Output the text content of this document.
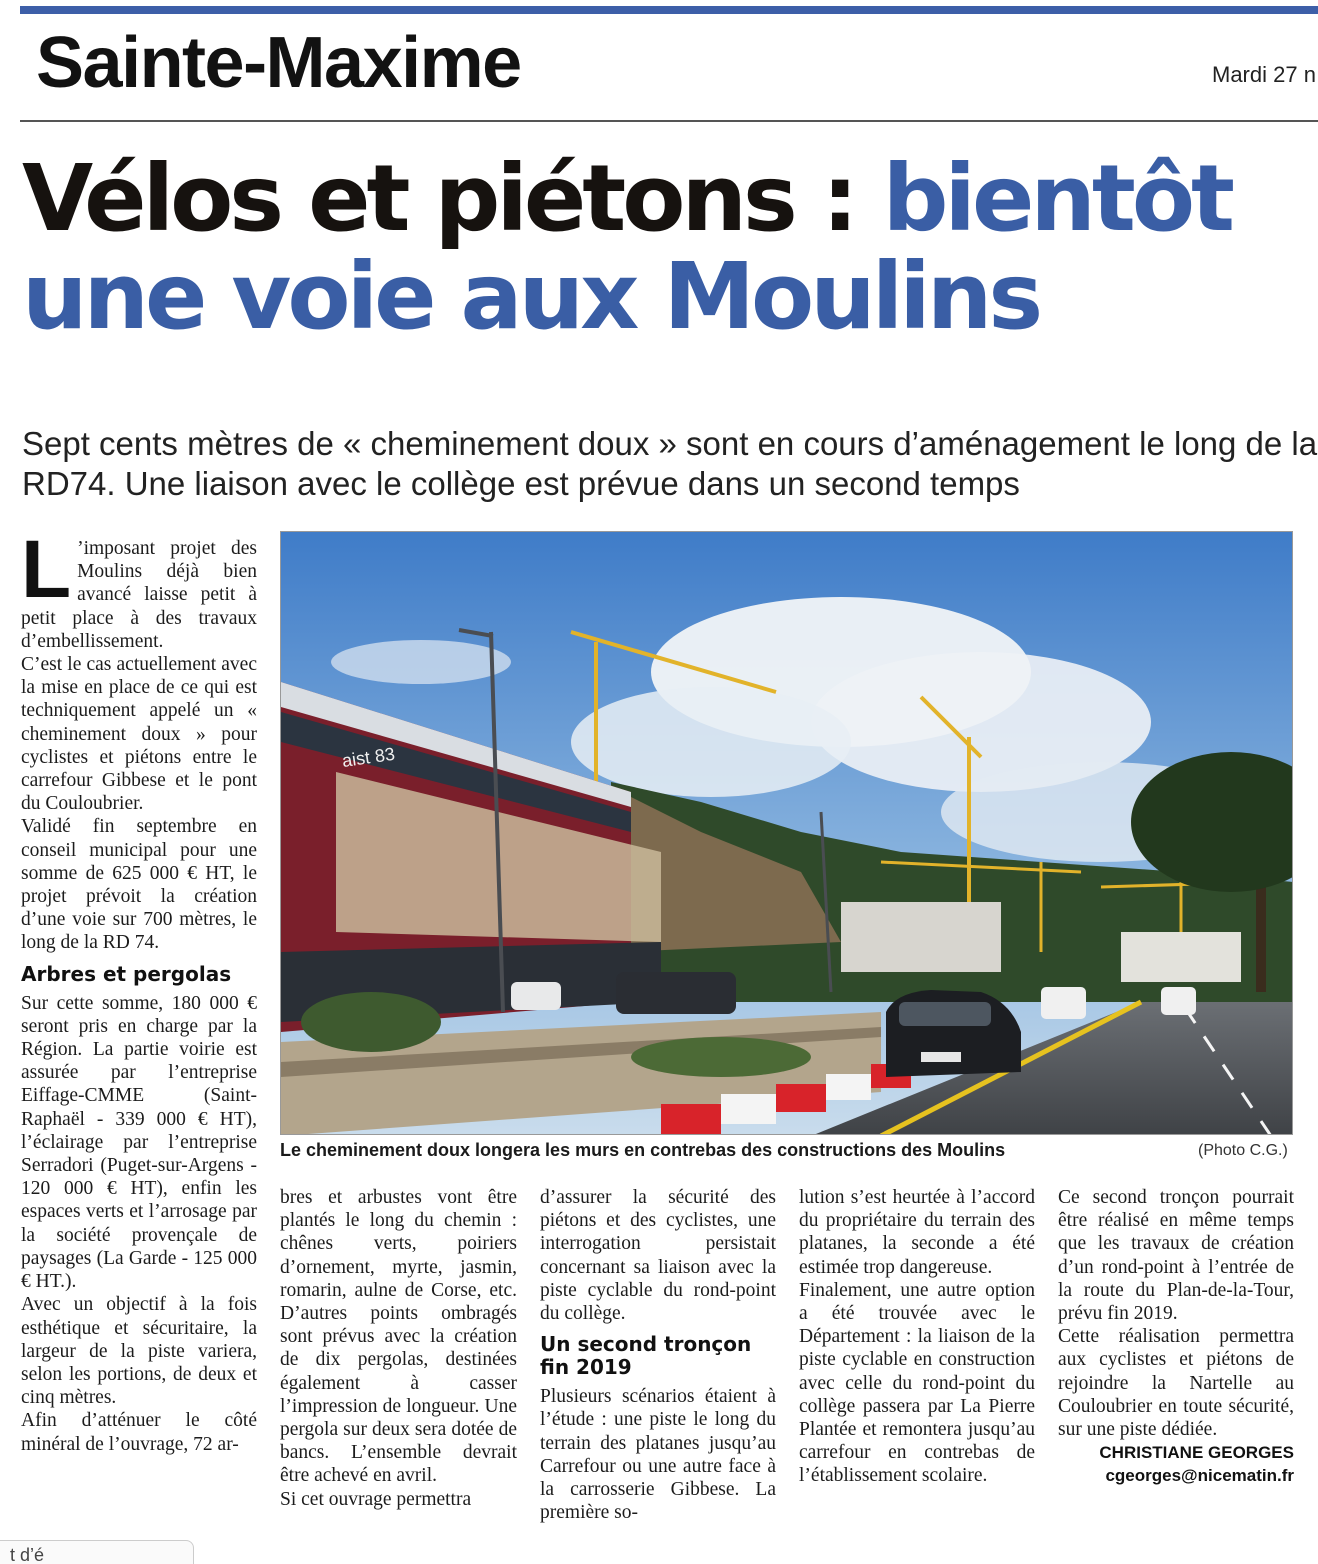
Sainte-Maxime	Mardi 27 n
Vélos et piétons : bientôt une voie aux Moulins
Sept cents mètres de « cheminement doux » sont en cours d’aménagement le long de la RD74. Une liaison avec le collège est prévue dans un second temps

L ’imposant projet des Moulins déjà bien avancé laisse petit à petit place à des travaux d’embellissement.

C’est le cas actuellement avec la mise en place de ce qui est techniquement appelé un « cheminement doux » pour cyclistes et piétons entre le carrefour Gibbese et le pont du Couloubrier.

Validé fin septembre en conseil municipal pour une somme de 625 000 € HT, le projet prévoit la création d’une voie sur 700 mètres, le long de la RD 74.

Arbres et pergolas

Sur cette somme, 180 000 € seront pris en charge par la Région. La partie voirie est assurée par l’entreprise Eiffage-CMME (Saint-Raphaël - 339 000 € HT), l’éclairage par l’entreprise Serradori (Puget-sur-Argens - 120 000 € HT), enfin les espaces verts et l’arrosage par la société provençale de paysages (La Garde - 125 000 € HT.).

Avec un objectif à la fois esthétique et sécuritaire, la largeur de la piste variera, selon les portions, de deux et cinq mètres.

Afin d’atténuer le côté minéral de l’ouvrage, 72 ar-

aist 83
Le cheminement doux longera les murs en contrebas des constructions des Moulins	(Photo C.G.)

bres et arbustes vont être plantés le long du chemin : chênes verts, poiriers d’ornement, myrte, jasmin, romarin, aulne de Corse, etc. D’autres points ombragés sont prévus avec la création de dix pergolas, destinées également à casser l’impression de longueur. Une pergola sur deux sera dotée de bancs. L’ensemble devrait être achevé en avril.

Si cet ouvrage permettra

d’assurer la sécurité des piétons et des cyclistes, une interrogation persistait concernant sa liaison avec la piste cyclable du rond-point du collège.

Un second tronçon fin 2019

Plusieurs scénarios étaient à l’étude : une piste le long du terrain des platanes jusqu’au Carrefour ou une autre face à la carrosserie Gibbese. La première so-

lution s’est heurtée à l’accord du propriétaire du terrain des platanes, la seconde a été estimée trop dangereuse.

Finalement, une autre option a été trouvée avec le Département : la liaison de la piste cyclable en construction avec celle du rond-point du collège passera par La Pierre Plantée et remontera jusqu’au carrefour en contrebas de l’établissement scolaire.

Ce second tronçon pourrait être réalisé en même temps que les travaux de création d’un rond-point à l’entrée de la route du Plan-de-la-Tour, prévu fin 2019.

Cette réalisation permettra aux cyclistes et piétons de rejoindre la Nartelle au Couloubrier en toute sécurité, sur une piste dédiée.

CHRISTIANE GEORGES
cgeorges@nicematin.fr
t d’é
